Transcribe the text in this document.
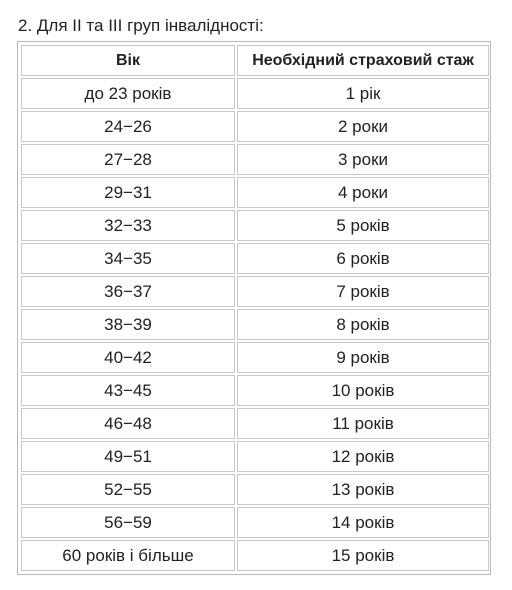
2. Для ІІ та ІІІ груп інвалідності:
Вік	Необхідний страховий стаж
до 23 років	1 рік
24−26	2 роки
27−28	3 роки
29−31	4 роки
32−33	5 років
34−35	6 років
36−37	7 років
38−39	8 років
40−42	9 років
43−45	10 років
46−48	11 років
49−51	12 років
52−55	13 років
56−59	14 років
60 років і більше	15 років
